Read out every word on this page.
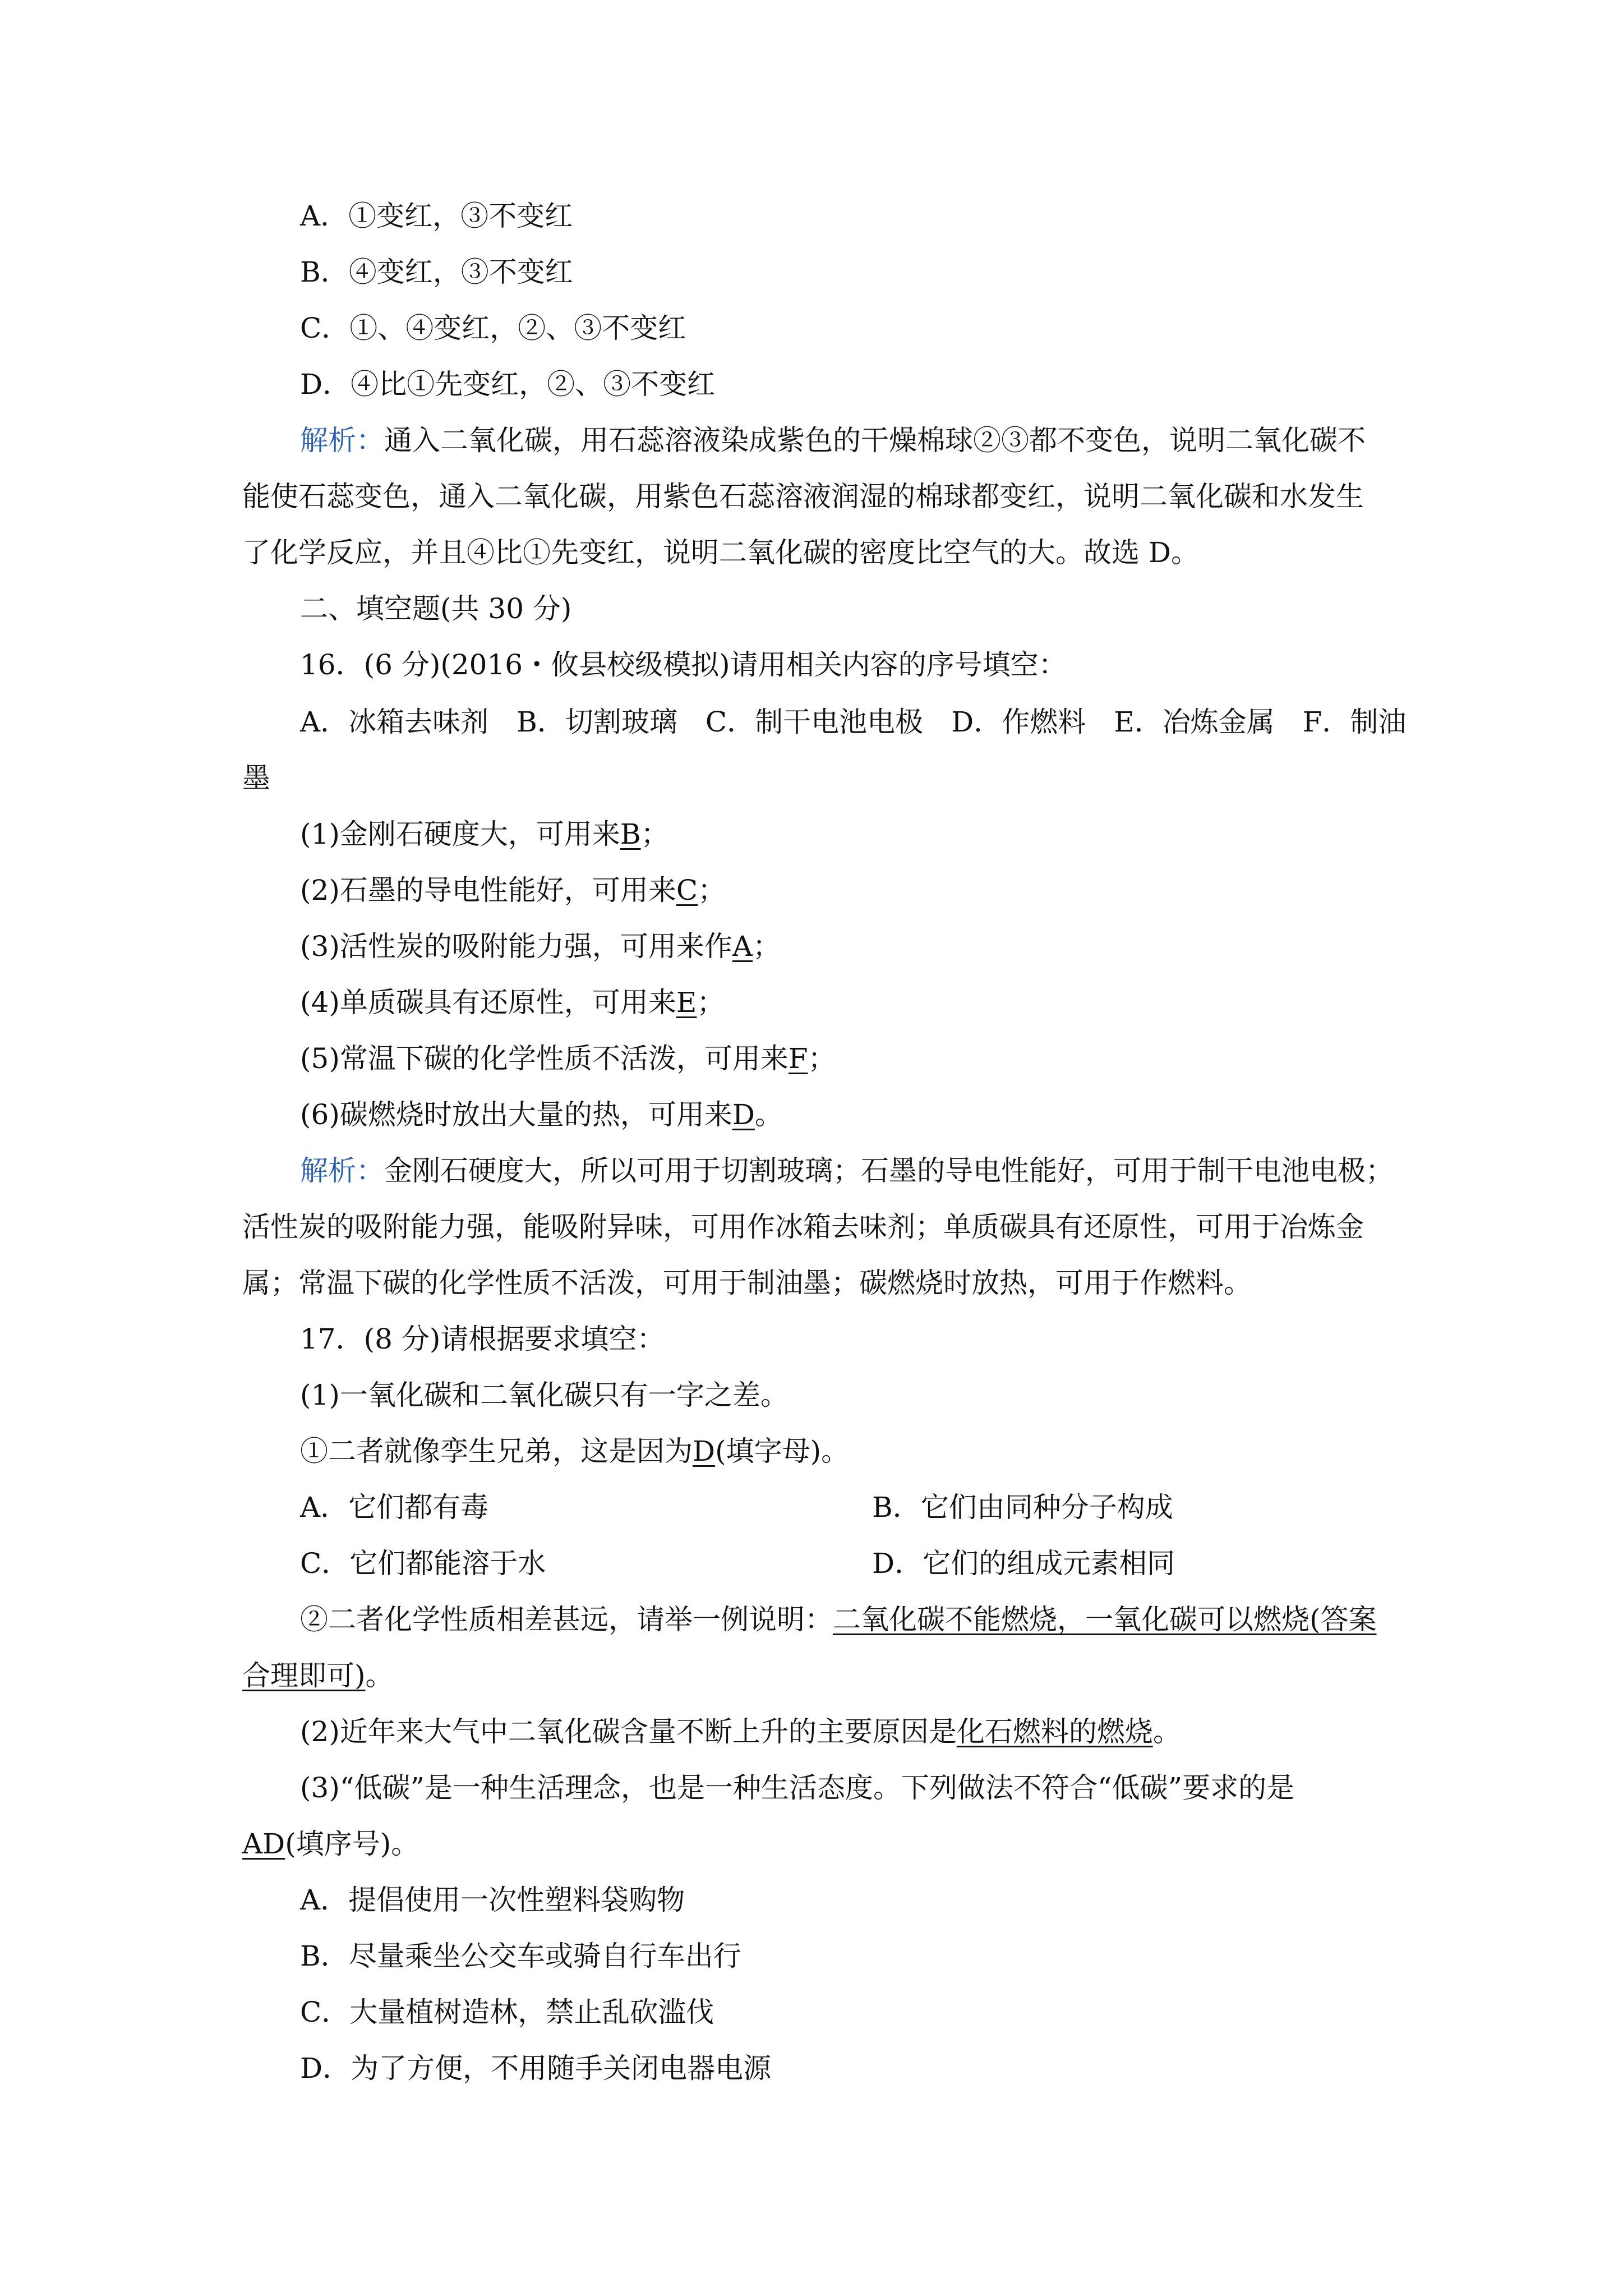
A．①变红，③不变红
B．④变红，③不变红
C．①、④变红，②、③不变红
D．④比①先变红，②、③不变红
解析：通入二氧化碳，用石蕊溶液染成紫色的干燥棉球②③都不变色，说明二氧化碳不
能使石蕊变色，通入二氧化碳，用紫色石蕊溶液润湿的棉球都变红，说明二氧化碳和水发生
了化学反应，并且④比①先变红，说明二氧化碳的密度比空气的大。故选 D。
二、填空题(共 30 分)
16．(6 分)(2016・攸县校级模拟)请用相关内容的序号填空：
A．冰箱去味剂　B．切割玻璃　C．制干电池电极　D．作燃料　E．冶炼金属　F．制油
墨
(1)金刚石硬度大，可用来B；
(2)石墨的导电性能好，可用来C；
(3)活性炭的吸附能力强，可用来作A；
(4)单质碳具有还原性，可用来E；
(5)常温下碳的化学性质不活泼，可用来F；
(6)碳燃烧时放出大量的热，可用来D。
解析：金刚石硬度大，所以可用于切割玻璃；石墨的导电性能好，可用于制干电池电极；
活性炭的吸附能力强，能吸附异味，可用作冰箱去味剂；单质碳具有还原性，可用于冶炼金
属；常温下碳的化学性质不活泼，可用于制油墨；碳燃烧时放热，可用于作燃料。
17．(8 分)请根据要求填空：
(1)一氧化碳和二氧化碳只有一字之差。
①二者就像孪生兄弟，这是因为D(填字母)。
A．它们都有毒	B．它们由同种分子构成
C．它们都能溶于水	D．它们的组成元素相同
②二者化学性质相差甚远，请举一例说明：二氧化碳不能燃烧，一氧化碳可以燃烧(答案
合理即可)。
(2)近年来大气中二氧化碳含量不断上升的主要原因是化石燃料的燃烧。
(3)“低碳”是一种生活理念，也是一种生活态度。下列做法不符合“低碳”要求的是
AD(填序号)。
A．提倡使用一次性塑料袋购物
B．尽量乘坐公交车或骑自行车出行
C．大量植树造林，禁止乱砍滥伐
D．为了方便，不用随手关闭电器电源
